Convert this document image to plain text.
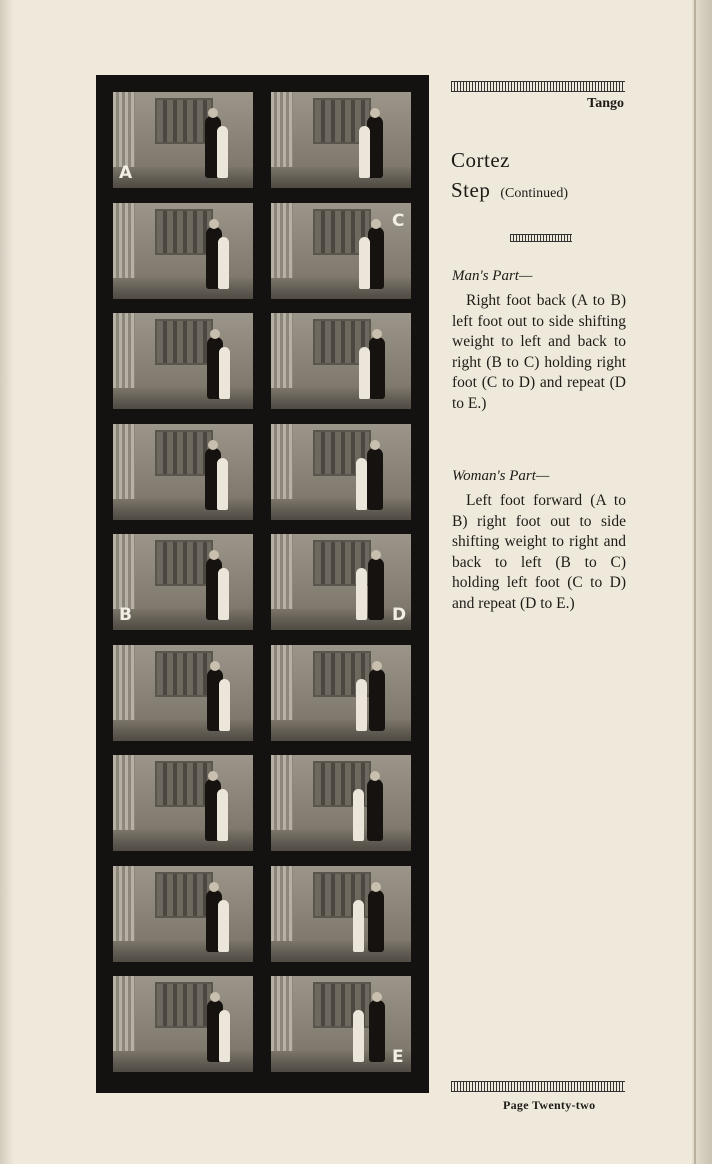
A
C
B	D
E
Tango
Cortez
Step (Continued)
Man's Part—

Right foot back (A to B) left foot out to side shifting weight to left and back to right (B to C) holding right foot (C to D) and repeat (D to E.)

Woman's Part—

Left foot forward (A to B) right foot out to side shifting weight to right and back to left (B to C) holding left foot (C to D) and repeat (D to E.)

Page Twenty-two
